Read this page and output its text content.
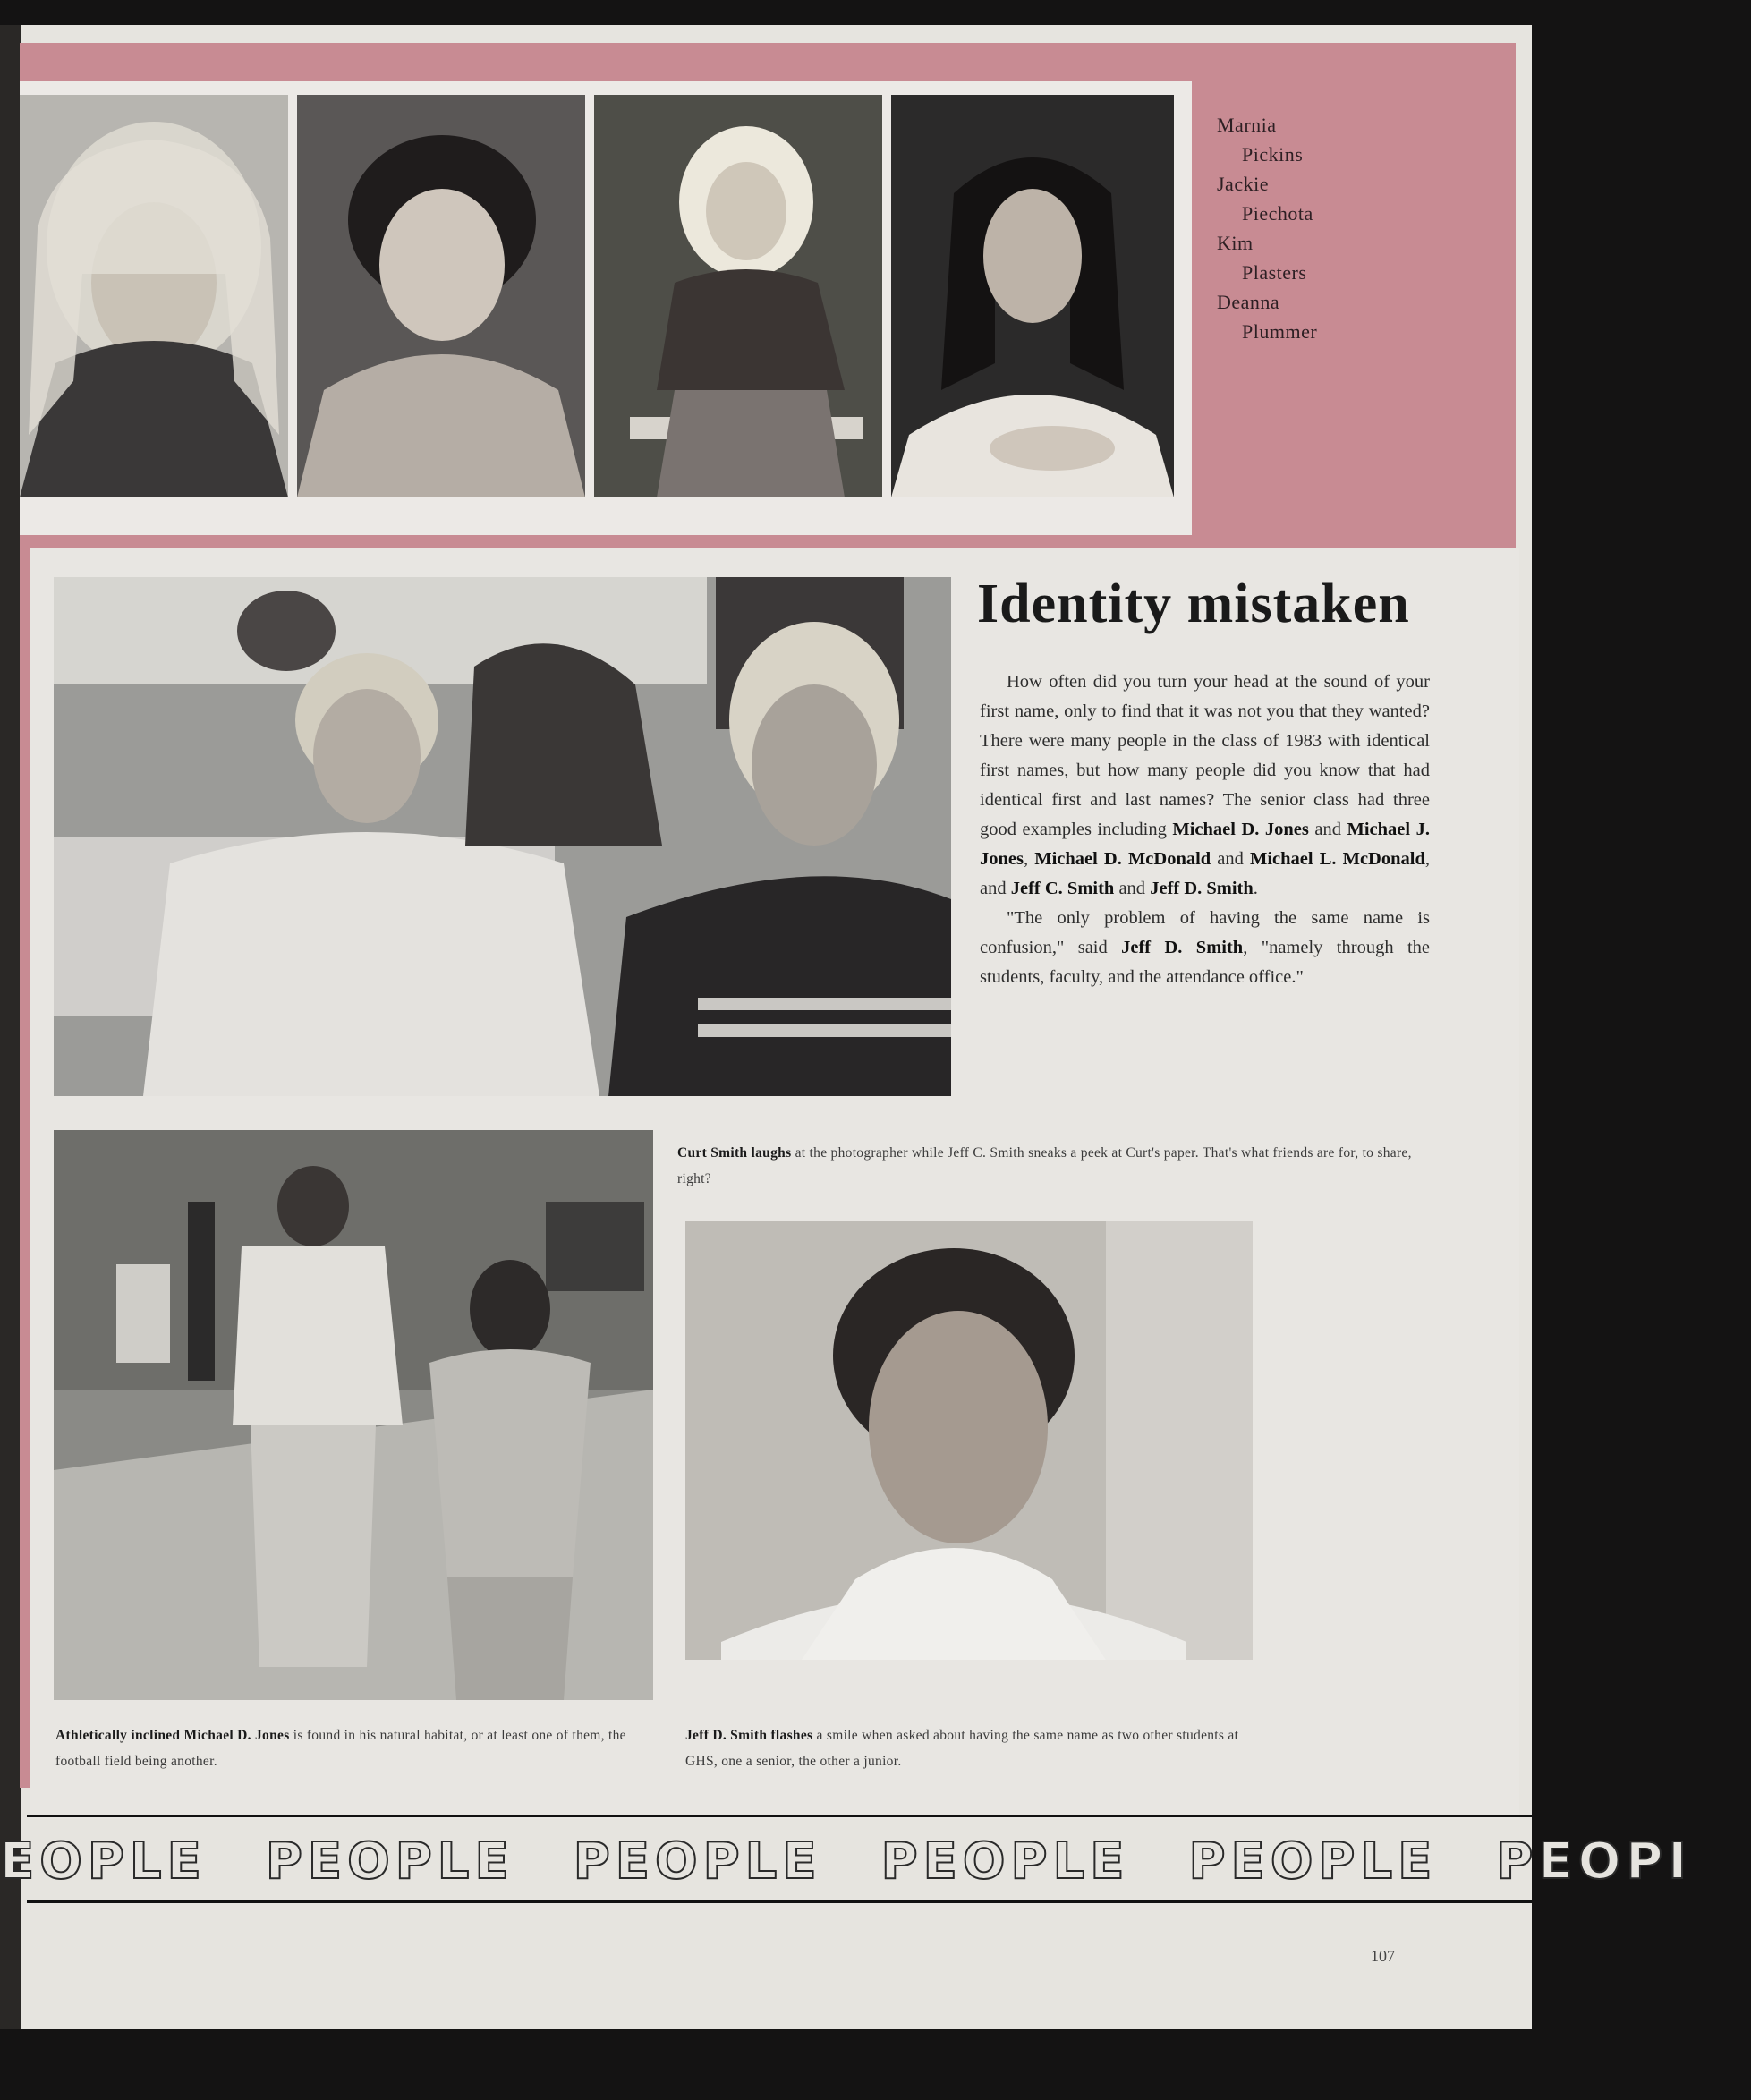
Marnia
Pickins
Jackie
Piechota
Kim
Plasters
Deanna
Plummer
Identity mistaken

How often did you turn your head at the sound of your first name, only to find that it was not you that they wanted? There were many people in the class of 1983 with identical first names, but how many people did you know that had identical first and last names? The senior class had three good examples including Michael D. Jones and Michael J. Jones, Michael D. McDonald and Michael L. McDonald, and Jeff C. Smith and Jeff D. Smith.

"The only problem of having the same name is confusion," said Jeff D. Smith, "namely through the students, faculty, and the attendance office."

Curt Smith laughs at the photographer while Jeff C. Smith sneaks a peek at Curt's paper. That's what friends are for, to share, right?
Athletically inclined Michael D. Jones is found in his natural habitat, or at least one of them, the football field being another.
Jeff D. Smith flashes a smile when asked about having the same name as two other students at GHS, one a senior, the other a junior.
EOPLE PEOPLE PEOPLE PEOPLE PEOPLE PEOPI
107
